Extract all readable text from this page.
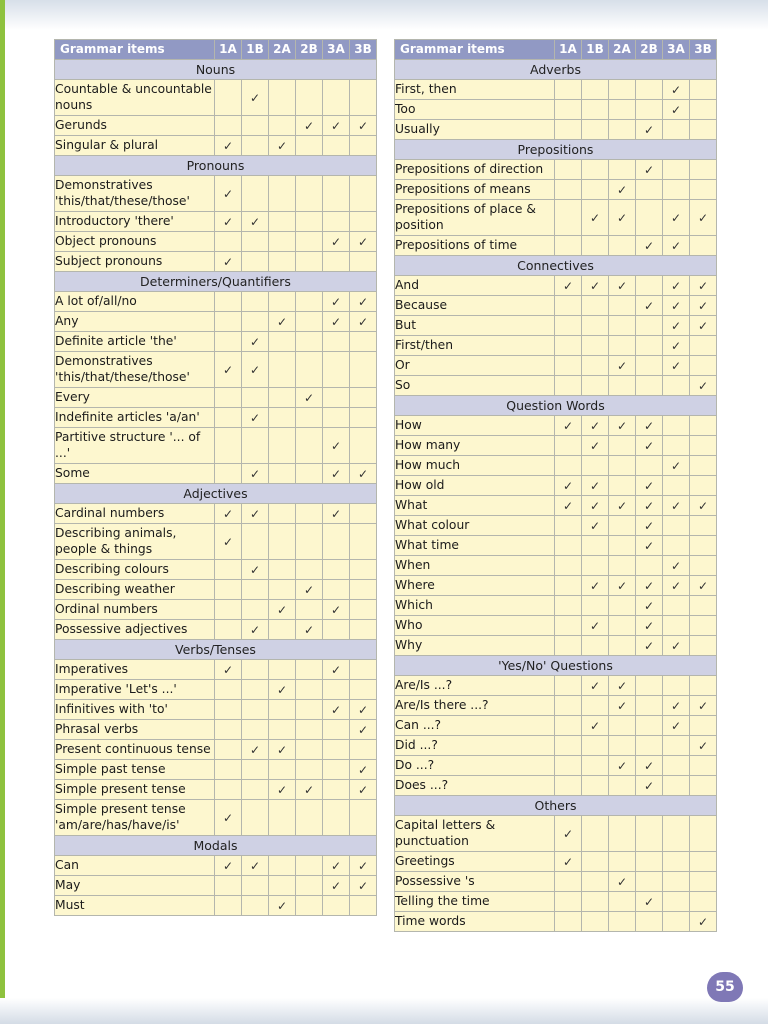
Grammar items	1A	1B	2A	2B	3A	3B
Nouns						
Countable & uncountable nouns		✓				
Gerunds				✓	✓	✓
Singular & plural	✓		✓			
Pronouns						
Demonstratives 'this/that/these/those'	✓					
Introductory 'there'	✓	✓				
Object pronouns					✓	✓
Subject pronouns	✓					
Determiners/Quantifiers						
A lot of/all/no					✓	✓
Any			✓		✓	✓
Definite article 'the'		✓				
Demonstratives 'this/that/these/those'	✓	✓				
Every				✓		
Indefinite articles 'a/an'		✓				
Partitive structure '... of ...'					✓	
Some		✓			✓	✓
Adjectives						
Cardinal numbers	✓	✓			✓	
Describing animals, people & things	✓					
Describing colours		✓				
Describing weather				✓		
Ordinal numbers			✓		✓	
Possessive adjectives		✓		✓		
Verbs/Tenses						
Imperatives	✓				✓	
Imperative 'Let's ...'			✓			
Infinitives with 'to'					✓	✓
Phrasal verbs						✓
Present continuous tense		✓	✓			
Simple past tense						✓
Simple present tense			✓	✓		✓
Simple present tense 'am/are/has/have/is'	✓					
Modals						
Can	✓	✓			✓	✓
May					✓	✓
Must			✓			
Grammar items	1A	1B	2A	2B	3A	3B
Adverbs						
First, then					✓	
Too					✓	
Usually				✓		
Prepositions						
Prepositions of direction				✓		
Prepositions of means			✓			
Prepositions of place & position		✓	✓		✓	✓
Prepositions of time				✓	✓	
Connectives						
And	✓	✓	✓		✓	✓
Because				✓	✓	✓
But					✓	✓
First/then					✓	
Or			✓		✓	
So						✓
Question Words						
How	✓	✓	✓	✓		
How many		✓		✓		
How much					✓	
How old	✓	✓		✓		
What	✓	✓	✓	✓	✓	✓
What colour		✓		✓		
What time				✓		
When					✓	
Where		✓	✓	✓	✓	✓
Which				✓		
Who		✓		✓		
Why				✓	✓	
'Yes/No' Questions						
Are/Is ...?		✓	✓			
Are/Is there ...?			✓		✓	✓
Can ...?		✓			✓	
Did ...?						✓
Do ...?			✓	✓		
Does ...?				✓		
Others						
Capital letters & punctuation	✓					
Greetings	✓					
Possessive 's			✓			
Telling the time				✓		
Time words						✓
55
